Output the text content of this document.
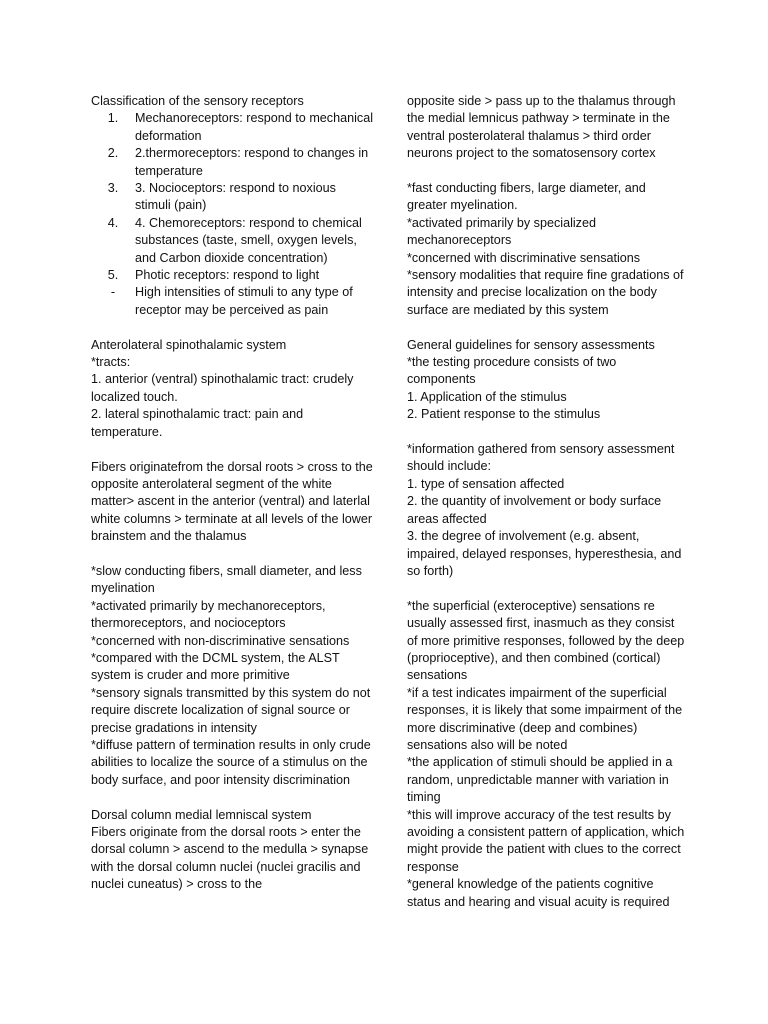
Classification of the sensory receptors

1.	Mechanoreceptors: respond to mechanical deformation
2.	2.thermoreceptors: respond to changes in temperature
3.	3. Nocioceptors: respond to noxious stimuli (pain)
4.	4. Chemoreceptors: respond to chemical substances (taste, smell, oxygen levels, and Carbon dioxide concentration)
5.	Photic receptors: respond to light
-	High intensities of stimuli to any type of receptor may be perceived as pain

Anterolateral spinothalamic system

*tracts:

1. anterior (ventral) spinothalamic tract: crudely localized touch.

2. lateral spinothalamic tract: pain and temperature.

Fibers originatefrom the dorsal roots > cross to the opposite anterolateral segment of the white matter> ascent in the anterior (ventral) and laterlal white columns > terminate at all levels of the lower brainstem and the thalamus

*slow conducting fibers, small diameter, and less myelination

*activated primarily by mechanoreceptors, thermoreceptors, and nocioceptors

*concerned with non-discriminative sensations

*compared with the DCML system, the ALST system is cruder and more primitive

*sensory signals transmitted by this system do not require discrete localization of signal source or precise gradations in intensity

*diffuse pattern of termination results in only crude abilities to localize the source of a stimulus on the body surface, and poor intensity discrimination

Dorsal column medial lemniscal system

Fibers originate from the dorsal roots > enter the dorsal column > ascend to the medulla > synapse with the dorsal column nuclei (nuclei gracilis and nuclei cuneatus) > cross to the

opposite side > pass up to the thalamus through the medial lemnicus pathway > terminate in the ventral posterolateral thalamus > third order neurons project to the somatosensory cortex

*fast conducting fibers, large diameter, and greater myelination.

*activated primarily by specialized mechanoreceptors

*concerned with discriminative sensations

*sensory modalities that require fine gradations of intensity and precise localization on the body surface are mediated by this system

General guidelines for sensory assessments

*the testing procedure consists of two components

1. Application of the stimulus

2. Patient response to the stimulus

*information gathered from sensory assessment should include:

1. type of sensation affected

2. the quantity of involvement or body surface areas affected

3. the degree of involvement (e.g. absent, impaired, delayed responses, hyperesthesia, and so forth)

*the superficial (exteroceptive) sensations re usually assessed first, inasmuch as they consist of more primitive responses, followed by the deep (proprioceptive), and then combined (cortical) sensations

*if a test indicates impairment of the superficial responses, it is likely that some impairment of the more discriminative (deep and combines) sensations also will be noted

*the application of stimuli should be applied in a random, unpredictable manner with variation in timing

*this will improve accuracy of the test results by avoiding a consistent pattern of application, which might provide the patient with clues to the correct response

*general knowledge of the patients cognitive status and hearing and visual acuity is required
